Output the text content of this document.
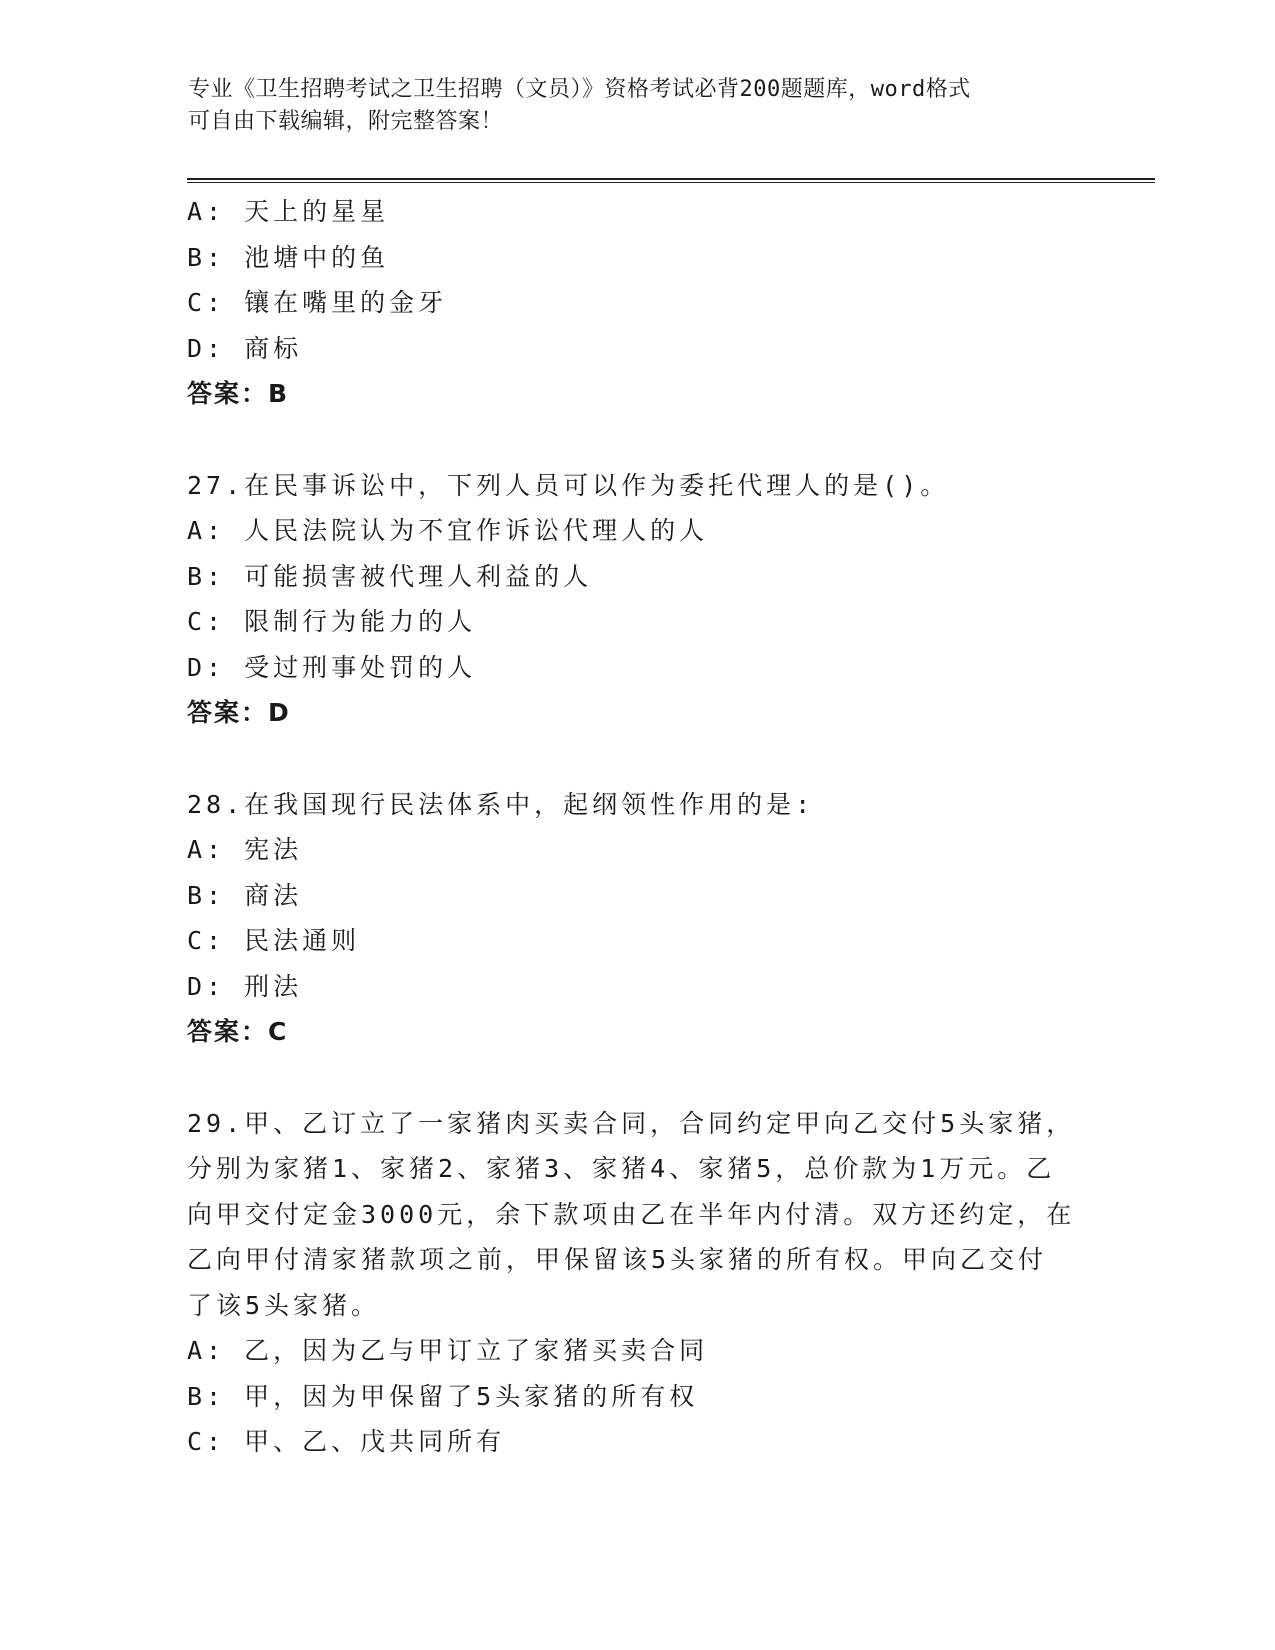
专业《卫生招聘考试之卫生招聘（文员）》资格考试必背200题题库，word格式
可自由下载编辑，附完整答案！
A: 天上的星星
B: 池塘中的鱼
C: 镶在嘴里的金牙
D: 商标
答案：B
27.在民事诉讼中，下列人员可以作为委托代理人的是()。
A: 人民法院认为不宜作诉讼代理人的人
B: 可能损害被代理人利益的人
C: 限制行为能力的人
D: 受过刑事处罚的人
答案：D
28.在我国现行民法体系中，起纲领性作用的是:
A: 宪法
B: 商法
C: 民法通则
D: 刑法
答案：C
29.甲、乙订立了一家猪肉买卖合同，合同约定甲向乙交付5头家猪，
分别为家猪1、家猪2、家猪3、家猪4、家猪5，总价款为1万元。乙
向甲交付定金3000元，余下款项由乙在半年内付清。双方还约定，在
乙向甲付清家猪款项之前，甲保留该5头家猪的所有权。甲向乙交付
了该5头家猪。
A: 乙，因为乙与甲订立了家猪买卖合同
B: 甲，因为甲保留了5头家猪的所有权
C: 甲、乙、戊共同所有
